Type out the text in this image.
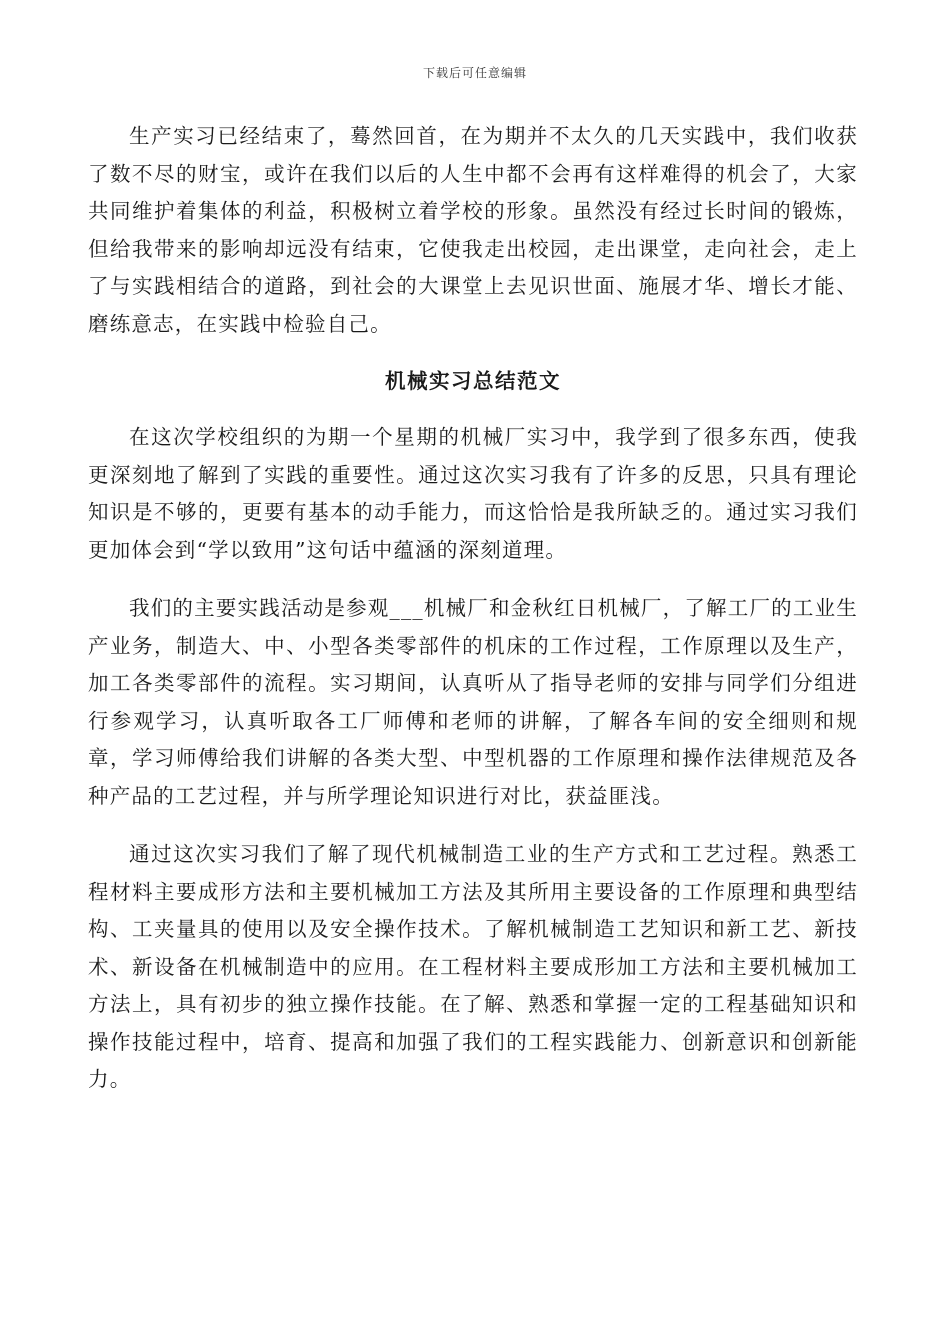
下载后可任意编辑

生产实习已经结束了，蓦然回首，在为期并不太久的几天实践中，我们收获了数不尽的财宝，或许在我们以后的人生中都不会再有这样难得的机会了，大家共同维护着集体的利益，积极树立着学校的形象。虽然没有经过长时间的锻炼，但给我带来的影响却远没有结束，它使我走出校园，走出课堂，走向社会，走上了与实践相结合的道路，到社会的大课堂上去见识世面、施展才华、增长才能、磨练意志，在实践中检验自己。

机械实习总结范文

在这次学校组织的为期一个星期的机械厂实习中，我学到了很多东西，使我更深刻地了解到了实践的重要性。通过这次实习我有了许多的反思，只具有理论知识是不够的，更要有基本的动手能力，而这恰恰是我所缺乏的。通过实习我们更加体会到“学以致用”这句话中蕴涵的深刻道理。

我们的主要实践活动是参观___机械厂和金秋红日机械厂，了解工厂的工业生产业务，制造大、中、小型各类零部件的机床的工作过程，工作原理以及生产，加工各类零部件的流程。实习期间，认真听从了指导老师的安排与同学们分组进行参观学习，认真听取各工厂师傅和老师的讲解，了解各车间的安全细则和规章，学习师傅给我们讲解的各类大型、中型机器的工作原理和操作法律规范及各种产品的工艺过程，并与所学理论知识进行对比，获益匪浅。

通过这次实习我们了解了现代机械制造工业的生产方式和工艺过程。熟悉工程材料主要成形方法和主要机械加工方法及其所用主要设备的工作原理和典型结构、工夹量具的使用以及安全操作技术。了解机械制造工艺知识和新工艺、新技术、新设备在机械制造中的应用。在工程材料主要成形加工方法和主要机械加工方法上，具有初步的独立操作技能。在了解、熟悉和掌握一定的工程基础知识和操作技能过程中，培育、提高和加强了我们的工程实践能力、创新意识和创新能力。
